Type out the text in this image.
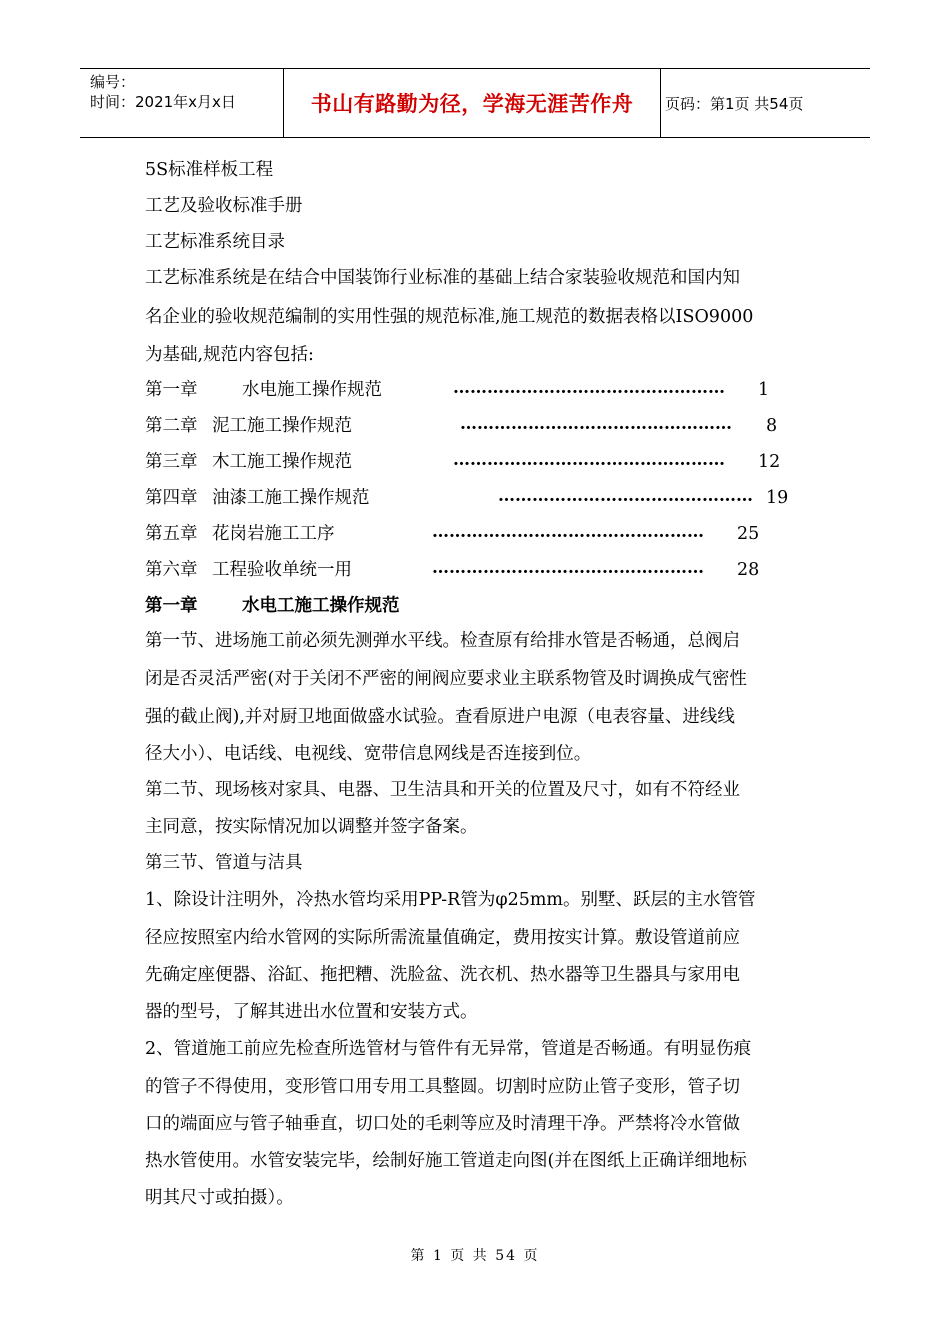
编号：
时间：2021年x月x日	书山有路勤为径，学海无涯苦作舟	页码：第1页 共54页
5S标准样板工程
工艺及验收标准手册
工艺标准系统目录
工艺标准系统是在结合中国装饰行业标准的基础上结合家装验收规范和国内知
名企业的验收规范编制的实用性强的规范标准,施工规范的数据表格以ISO9000
为基础,规范内容包括:
第一章	水电施工操作规范	………………………………………… 1
第二章 泥工施工操作规范	………………………………………… 8
第三章 木工施工操作规范	………………………………………… 12
第四章 油漆工施工操作规范	……………………………………… 19
第五章 花岗岩施工工序	………………………………………… 25
第六章 工程验收单统一用	………………………………………… 28
第一章	水电工施工操作规范
第一节、进场施工前必须先测弹水平线。检查原有给排水管是否畅通，总阀启
闭是否灵活严密(对于关闭不严密的闸阀应要求业主联系物管及时调换成气密性
强的截止阀),并对厨卫地面做盛水试验。查看原进户电源（电表容量、进线线
径大小）、电话线、电视线、宽带信息网线是否连接到位。
第二节、现场核对家具、电器、卫生洁具和开关的位置及尺寸，如有不符经业
主同意，按实际情况加以调整并签字备案。
第三节、管道与洁具
1、除设计注明外，冷热水管均采用PP-R管为φ25mm。别墅、跃层的主水管管
径应按照室内给水管网的实际所需流量值确定，费用按实计算。敷设管道前应
先确定座便器、浴缸、拖把糟、洗脸盆、洗衣机、热水器等卫生器具与家用电
器的型号，了解其进出水位置和安装方式。
2、管道施工前应先检查所选管材与管件有无异常，管道是否畅通。有明显伤痕
的管子不得使用，变形管口用专用工具整圆。切割时应防止管子变形，管子切
口的端面应与管子轴垂直，切口处的毛刺等应及时清理干净。严禁将冷水管做
热水管使用。水管安装完毕，绘制好施工管道走向图(并在图纸上正确详细地标
明其尺寸或拍摄）。
第 1 页 共 54 页
